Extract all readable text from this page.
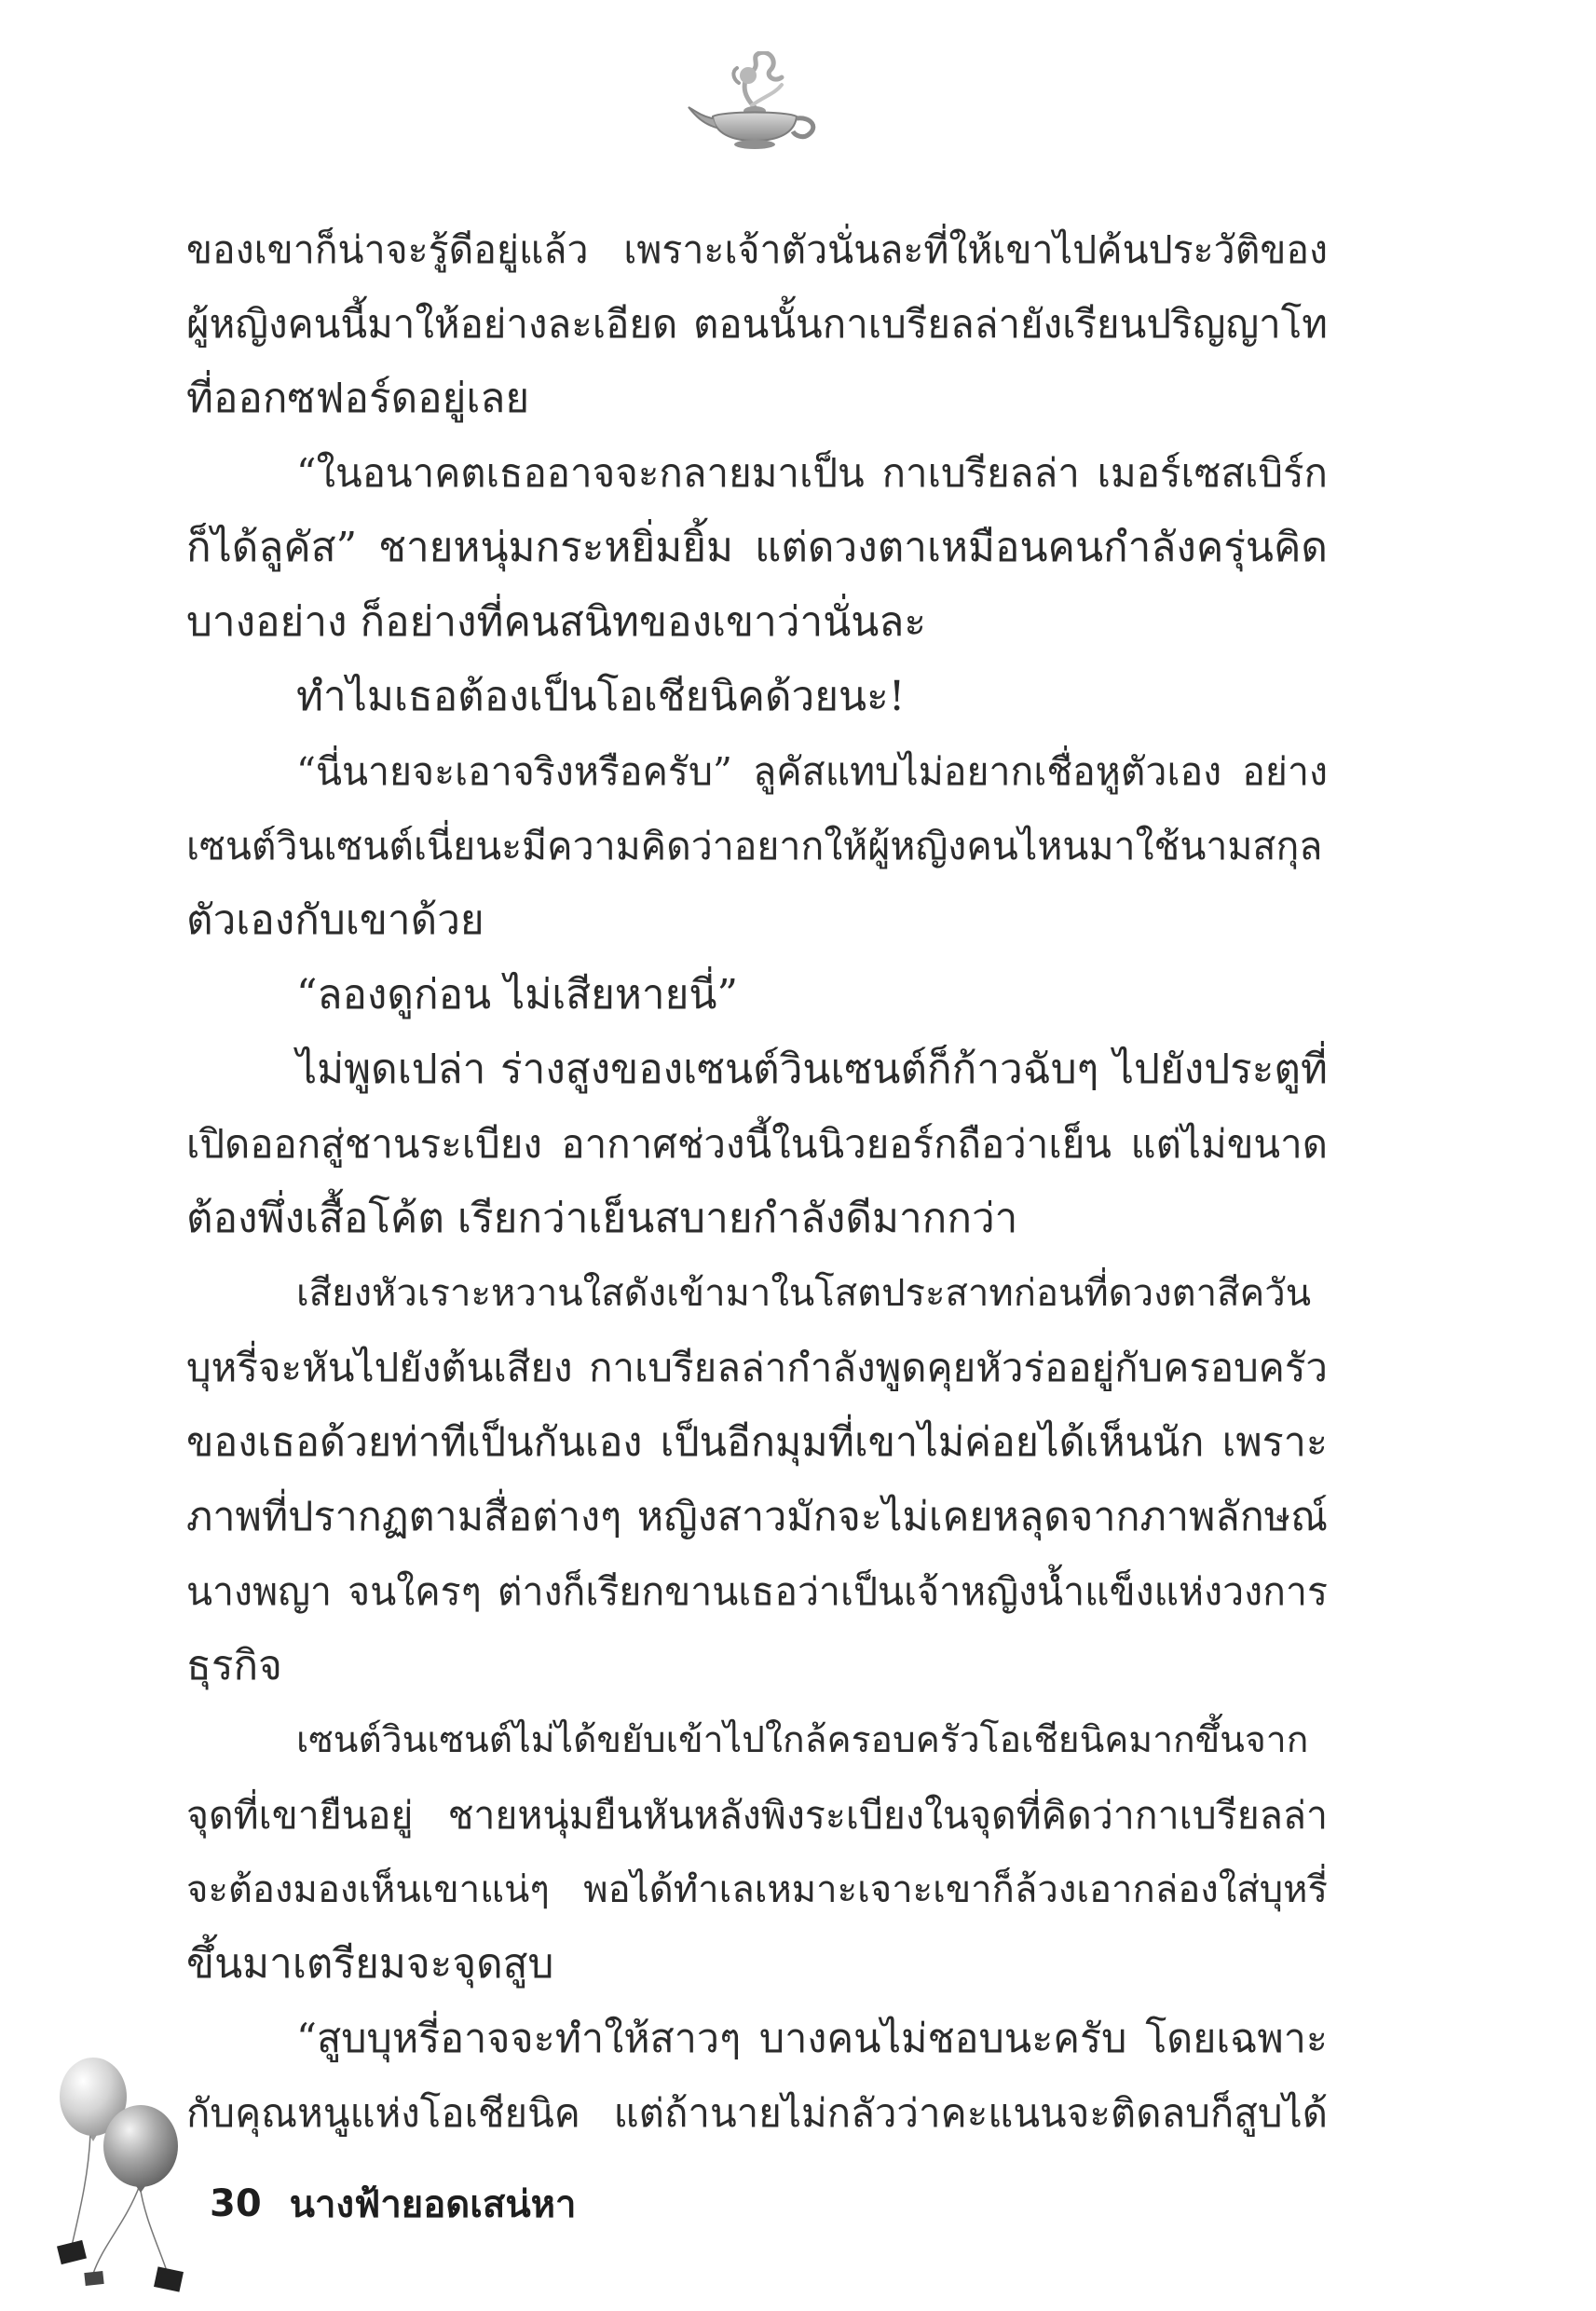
ของเขาก็น่าจะรู้ดีอยู่แล้ว เพราะเจ้าตัวนั่นละที่ให้เขาไปค้นประวัติของ
ผู้หญิงคนนี้มาให้อย่างละเอียด ตอนนั้นกาเบรียลล่ายังเรียนปริญญาโท
ที่ออกซฟอร์ดอยู่เลย
“ในอนาคตเธออาจจะกลายมาเป็น กาเบรียลล่า เมอร์เซสเบิร์ก
ก็ได้ลูคัส” ชายหนุ่มกระหยิ่มยิ้ม แต่ดวงตาเหมือนคนกำลังครุ่นคิด
บางอย่าง ก็อย่างที่คนสนิทของเขาว่านั่นละ
ทำไมเธอต้องเป็นโอเชียนิคด้วยนะ!
“นี่นายจะเอาจริงหรือครับ” ลูคัสแทบไม่อยากเชื่อหูตัวเอง อย่าง
เซนต์วินเซนต์เนี่ยนะมีความคิดว่าอยากให้ผู้หญิงคนไหนมาใช้นามสกุล
ตัวเองกับเขาด้วย
“ลองดูก่อน ไม่เสียหายนี่”
ไม่พูดเปล่า ร่างสูงของเซนต์วินเซนต์ก็ก้าวฉับๆ ไปยังประตูที่
เปิดออกสู่ชานระเบียง อากาศช่วงนี้ในนิวยอร์กถือว่าเย็น แต่ไม่ขนาด
ต้องพึ่งเสื้อโค้ต เรียกว่าเย็นสบายกำลังดีมากกว่า
เสียงหัวเราะหวานใสดังเข้ามาในโสตประสาทก่อนที่ดวงตาสีควัน
บุหรี่จะหันไปยังต้นเสียง กาเบรียลล่ากำลังพูดคุยหัวร่ออยู่กับครอบครัว
ของเธอด้วยท่าทีเป็นกันเอง เป็นอีกมุมที่เขาไม่ค่อยได้เห็นนัก เพราะ
ภาพที่ปรากฏตามสื่อต่างๆ หญิงสาวมักจะไม่เคยหลุดจากภาพลักษณ์
นางพญา จนใครๆ ต่างก็เรียกขานเธอว่าเป็นเจ้าหญิงน้ำแข็งแห่งวงการ
ธุรกิจ
เซนต์วินเซนต์ไม่ได้ขยับเข้าไปใกล้ครอบครัวโอเชียนิคมากขึ้นจาก
จุดที่เขายืนอยู่ ชายหนุ่มยืนหันหลังพิงระเบียงในจุดที่คิดว่ากาเบรียลล่า
จะต้องมองเห็นเขาแน่ๆ พอได้ทำเลเหมาะเจาะเขาก็ล้วงเอากล่องใส่บุหรี่
ขึ้นมาเตรียมจะจุดสูบ
“สูบบุหรี่อาจจะทำให้สาวๆ บางคนไม่ชอบนะครับ โดยเฉพาะ
กับคุณหนูแห่งโอเชียนิค แต่ถ้านายไม่กลัวว่าคะแนนจะติดลบก็สูบได้
30 นางฟ้ายอดเสน่หา
